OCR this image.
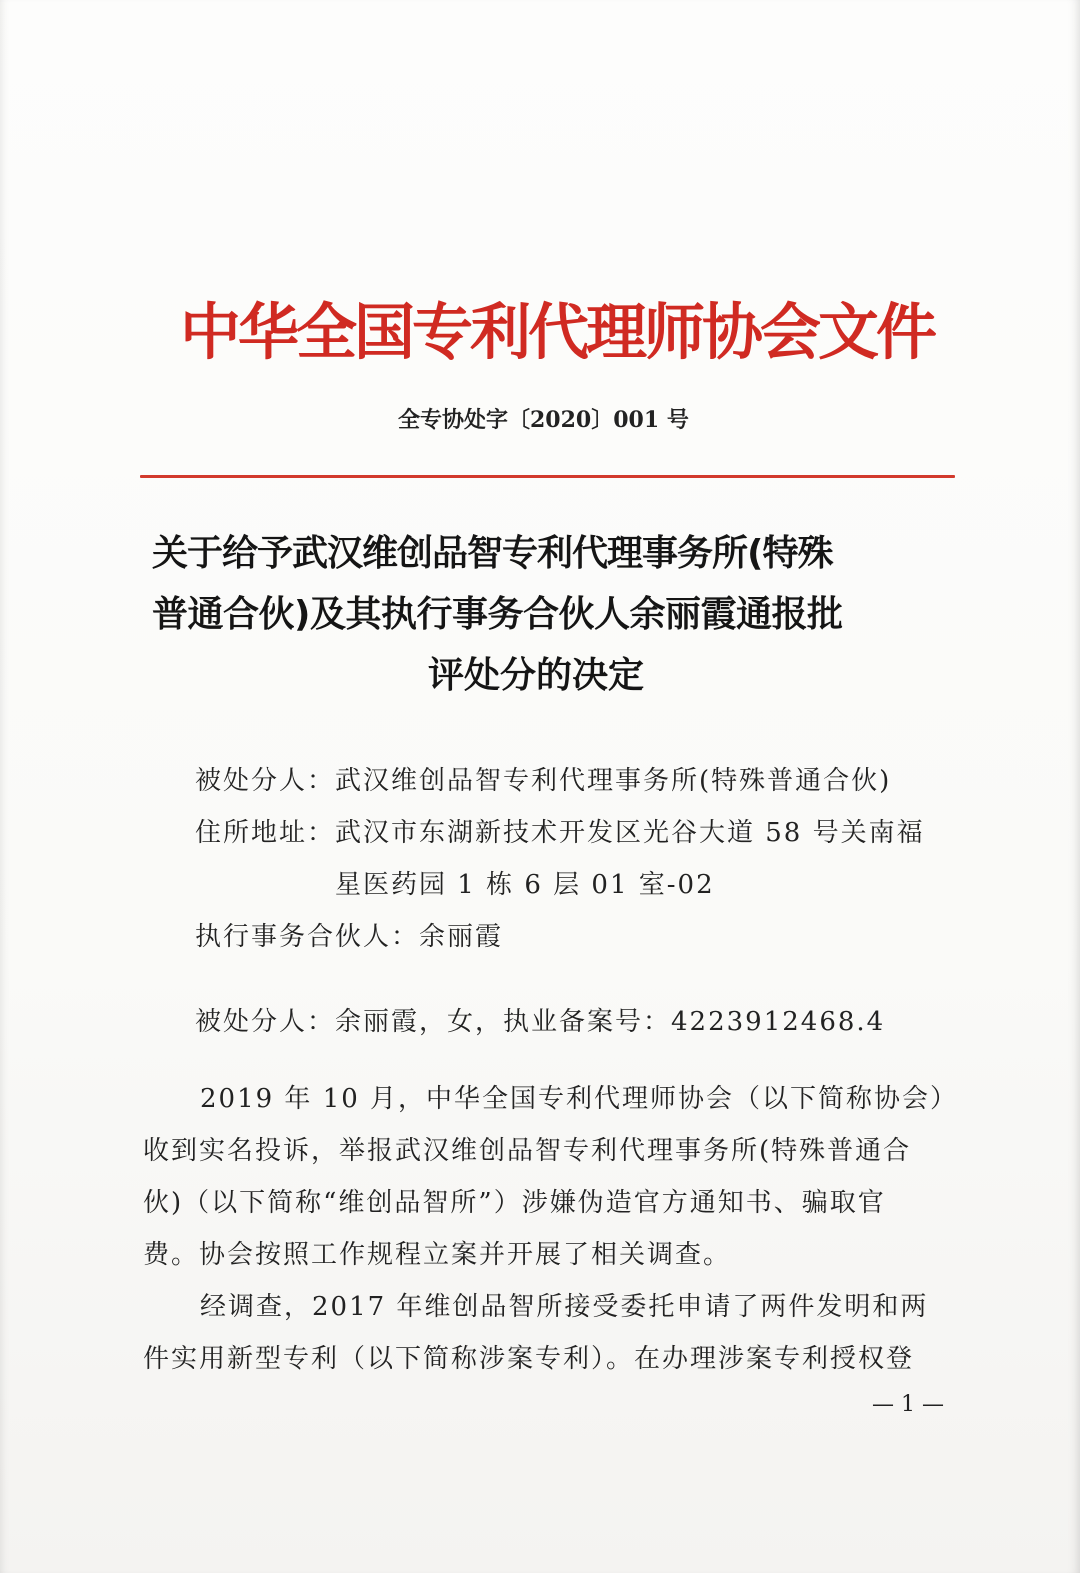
中华全国专利代理师协会文件

全专协处字〔2020〕001 号

关于给予武汉维创品智专利代理事务所(特殊

普通合伙)及其执行事务合伙人余丽霞通报批

评处分的决定

被处分人：武汉维创品智专利代理事务所(特殊普通合伙)

住所地址：武汉市东湖新技术开发区光谷大道 58 号关南福

星医药园 1 栋 6 层 01 室-02

执行事务合伙人：余丽霞

被处分人：余丽霞，女，执业备案号：4223912468.4

2019 年 10 月，中华全国专利代理师协会（以下简称协会）

收到实名投诉，举报武汉维创品智专利代理事务所(特殊普通合

伙)（以下简称“维创品智所”）涉嫌伪造官方通知书、骗取官

费。协会按照工作规程立案并开展了相关调查。

经调查，2017 年维创品智所接受委托申请了两件发明和两

件实用新型专利（以下简称涉案专利）。在办理涉案专利授权登

— 1 —
